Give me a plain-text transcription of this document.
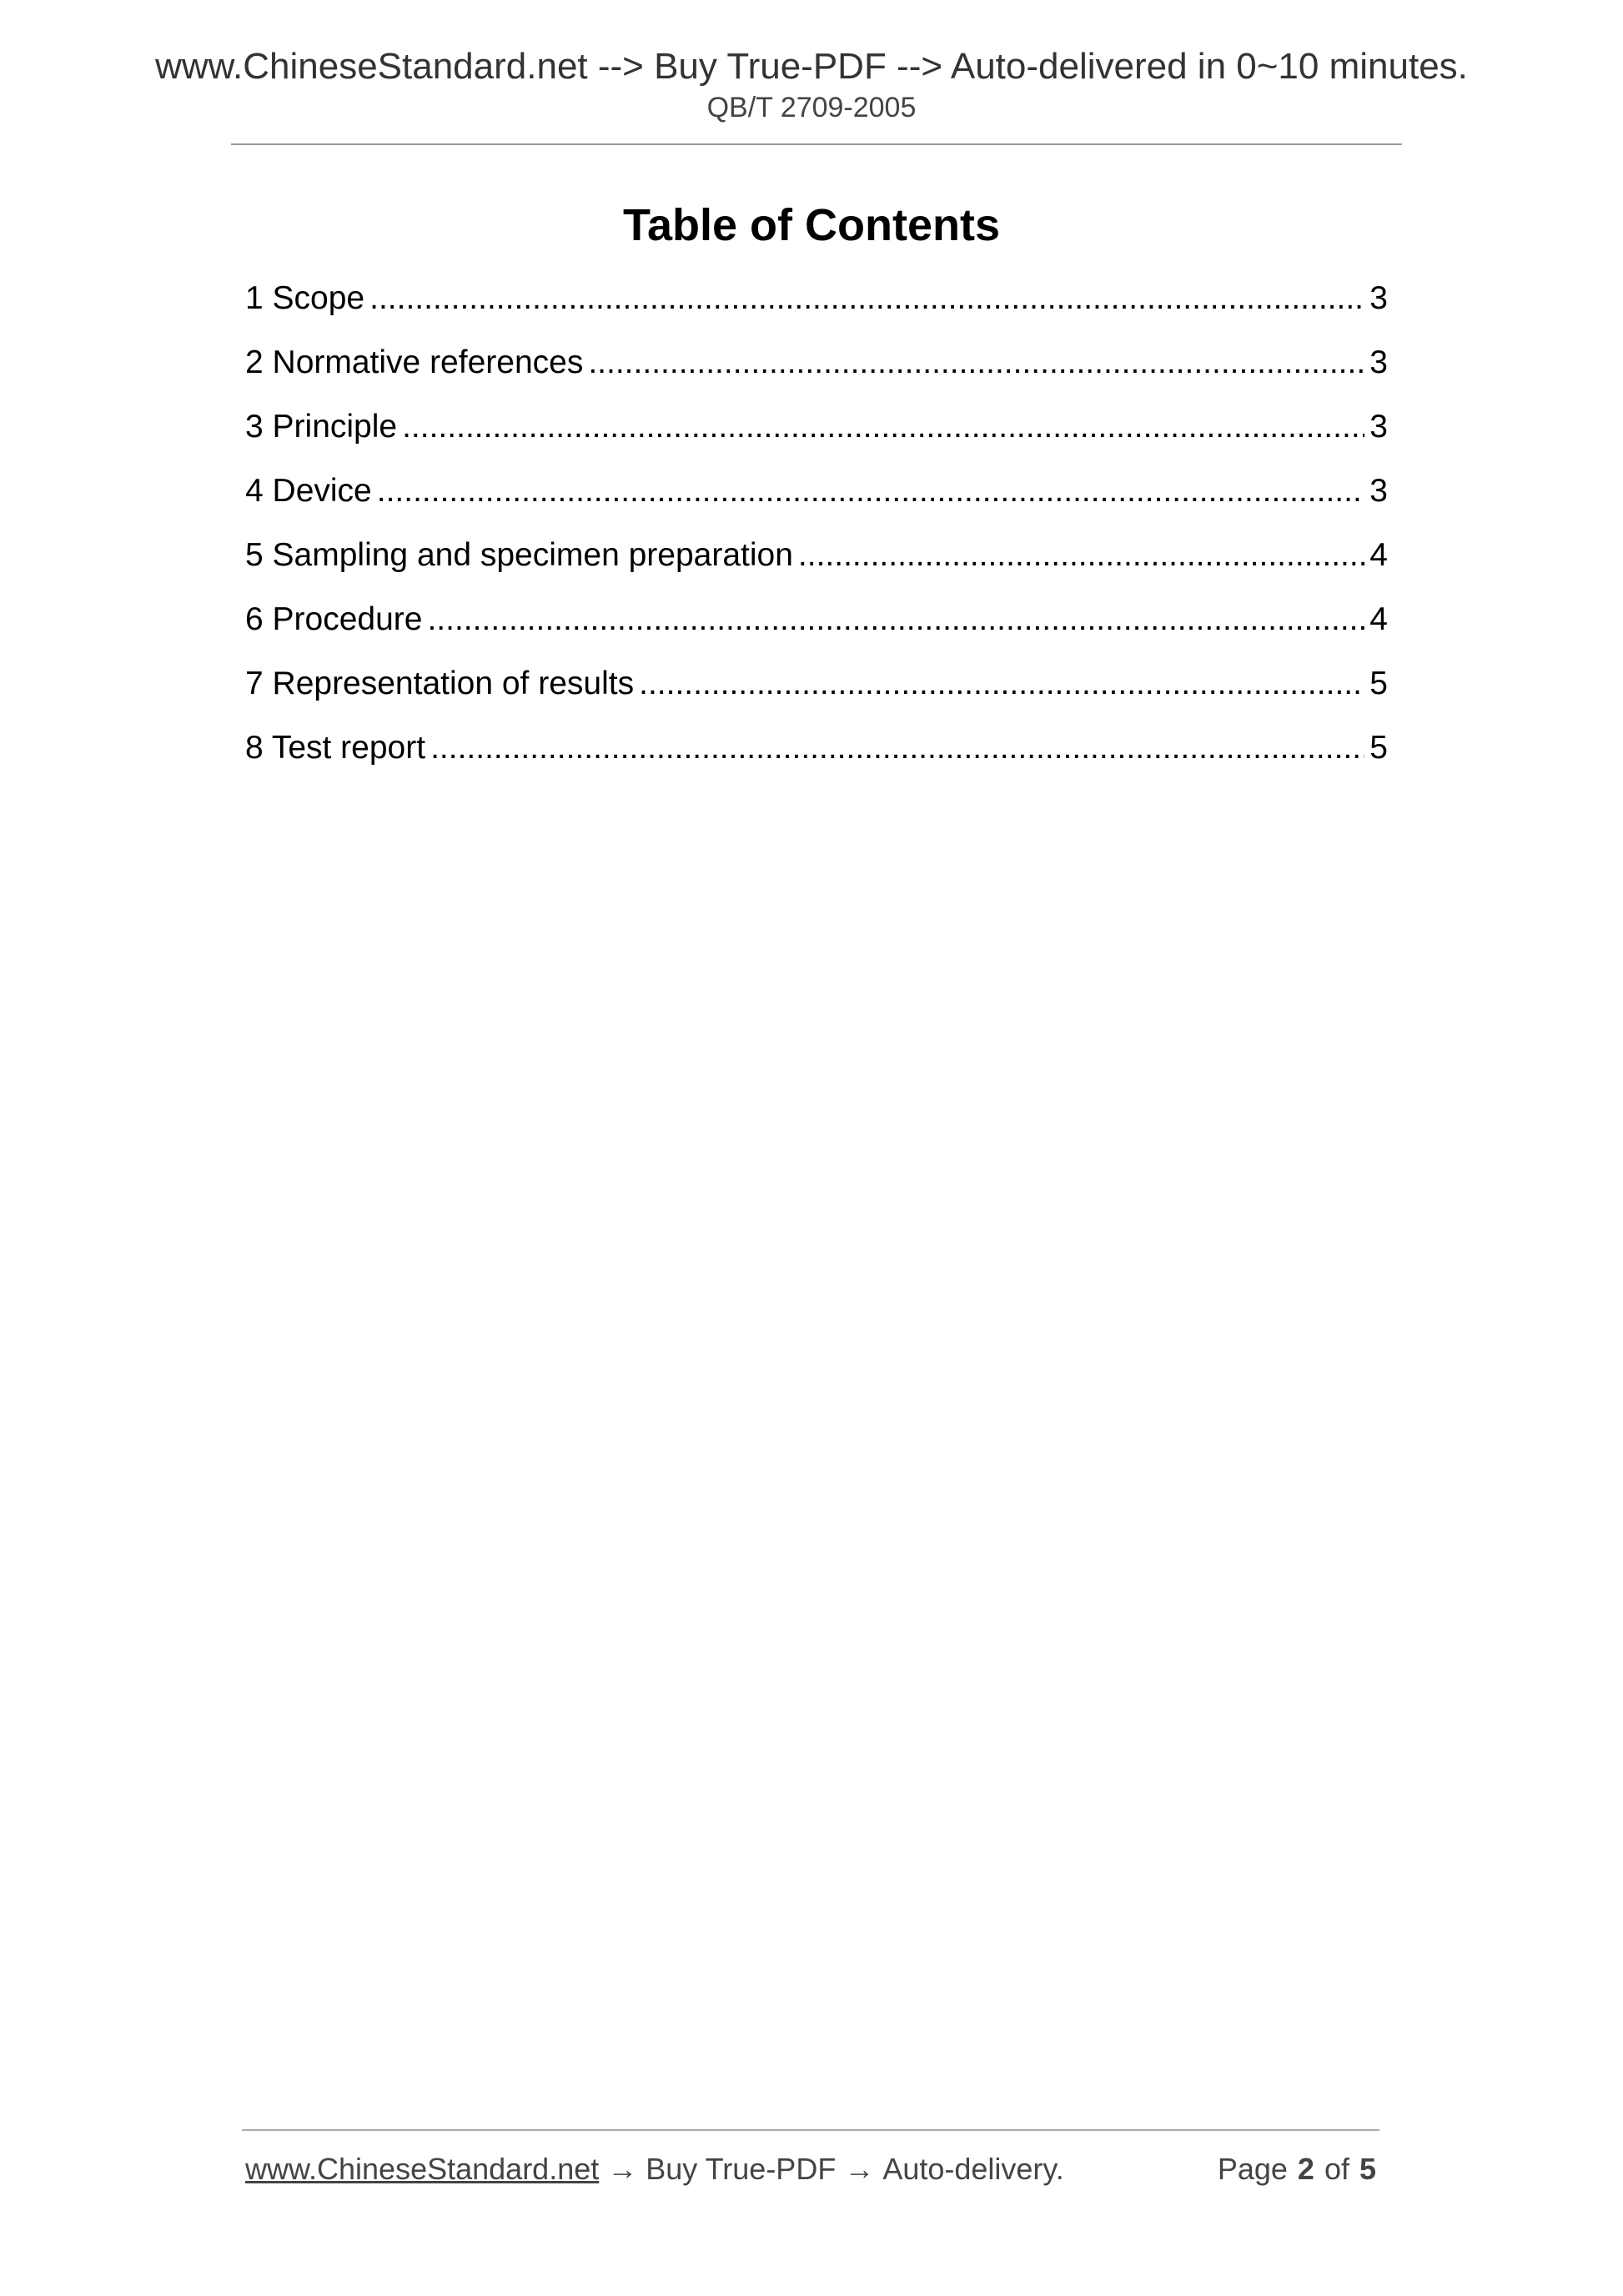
www.ChineseStandard.net --> Buy True-PDF --> Auto-delivered in 0~10 minutes.
QB/T 2709-2005
Table of Contents
1 Scope .....	3
2 Normative references .....	3
3 Principle .....	3
4 Device .....	3
5 Sampling and specimen preparation .....	4
6 Procedure .....	4
7 Representation of results .....	5
8 Test report .....	5
www.ChineseStandard.net → Buy True-PDF → Auto-delivery.	Page 2 of 5
